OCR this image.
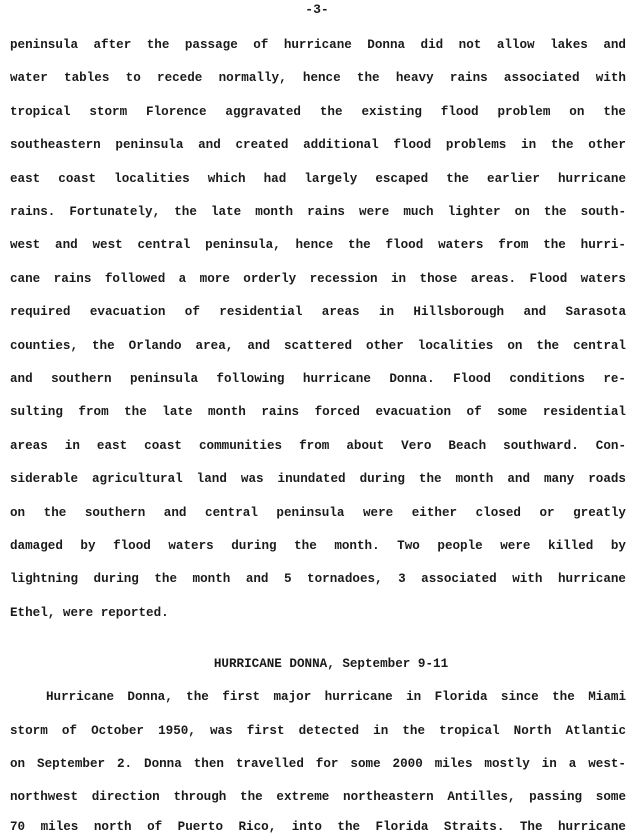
-3-
peninsula after the passage of hurricane Donna did not allow lakes and
water tables to recede normally, hence the heavy rains associated with
tropical storm Florence aggravated the existing flood problem on the
southeastern peninsula and created additional flood problems in the other
east coast localities which had largely escaped the earlier hurricane
rains. Fortunately, the late month rains were much lighter on the south-
west and west central peninsula, hence the flood waters from the hurri-
cane rains followed a more orderly recession in those areas. Flood waters
required evacuation of residential areas in Hillsborough and Sarasota
counties, the Orlando area, and scattered other localities on the central
and southern peninsula following hurricane Donna. Flood conditions re-
sulting from the late month rains forced evacuation of some residential
areas in east coast communities from about Vero Beach southward. Con-
siderable agricultural land was inundated during the month and many roads
on the southern and central peninsula were either closed or greatly
damaged by flood waters during the month. Two people were killed by
lightning during the month and 5 tornadoes, 3 associated with hurricane
Ethel, were reported.
HURRICANE DONNA, September 9-11
Hurricane Donna, the first major hurricane in Florida since the Miami
storm of October 1950, was first detected in the tropical North Atlantic
on September 2. Donna then travelled for some 2000 miles mostly in a west-
northwest direction through the extreme northeastern Antilles, passing some
70 miles north of Puerto Rico, into the Florida Straits. The hurricane
